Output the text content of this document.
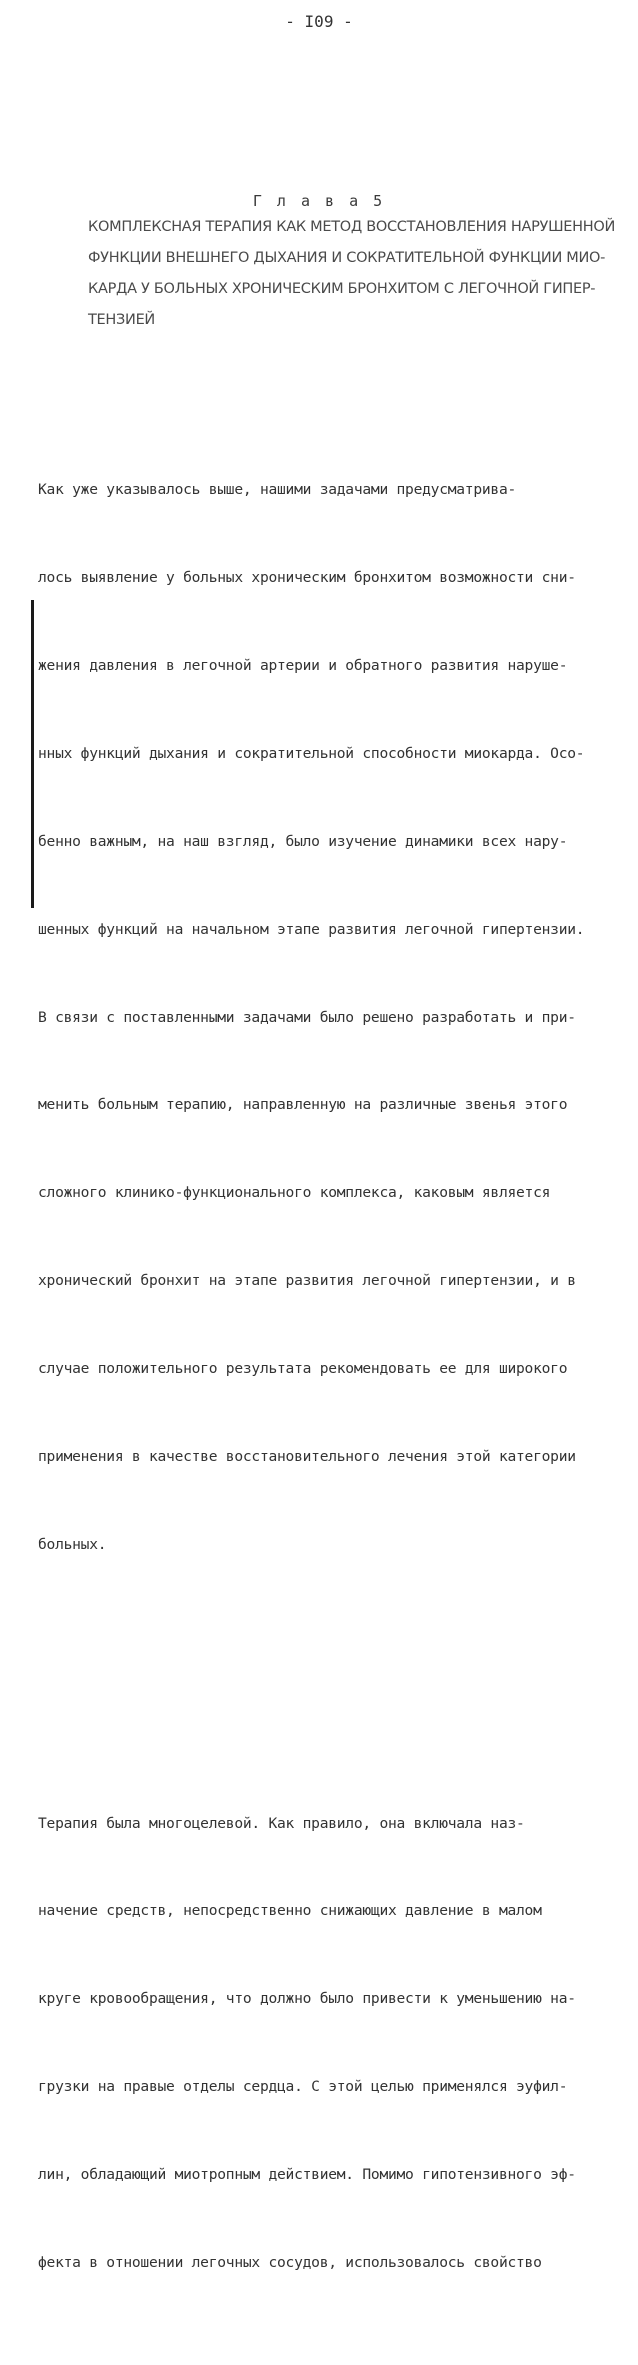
- I09 -
Г л а в а 5
КОМПЛЕКСНАЯ ТЕРАПИЯ КАК МЕТОД ВОССТАНОВЛЕНИЯ НАРУШЕННОЙ
ФУНКЦИИ ВНЕШНЕГО ДЫХАНИЯ И СОКРАТИТЕЛЬНОЙ ФУНКЦИИ МИО-
КАРДА У БОЛЬНЫХ ХРОНИЧЕСКИМ БРОНХИТОМ С ЛЕГОЧНОЙ ГИПЕР-
ТЕНЗИЕЙ

Как уже указывалось выше, нашими задачами предусматрива-

лось выявление у больных хроническим бронхитом возможности сни-

жения давления в легочной артерии и обратного развития наруше-

нных функций дыхания и сократительной способности миокарда. Осо-

бенно важным, на наш взгляд, было изучение динамики всех нару-

шенных функций на начальном этапе развития легочной гипертензии.

В связи с поставленными задачами было решено разработать и при-

менить больным терапию, направленную на различные звенья этого

сложного клинико-функционального комплекса, каковым является

хронический бронхит на этапе развития легочной гипертензии, и в

случае положительного результата рекомендовать ее для широкого

применения в качестве восстановительного лечения этой категории

больных.

Терапия была многоцелевой. Как правило, она включала наз-

начение средств, непосредственно снижающих давление в малом

круге кровообращения, что должно было привести к уменьшению на-

грузки на правые отделы сердца. С этой целью применялся эуфил-

лин, обладающий миотропным действием. Помимо гипотензивного эф-

фекта в отношении легочных сосудов, использовалось свойство
